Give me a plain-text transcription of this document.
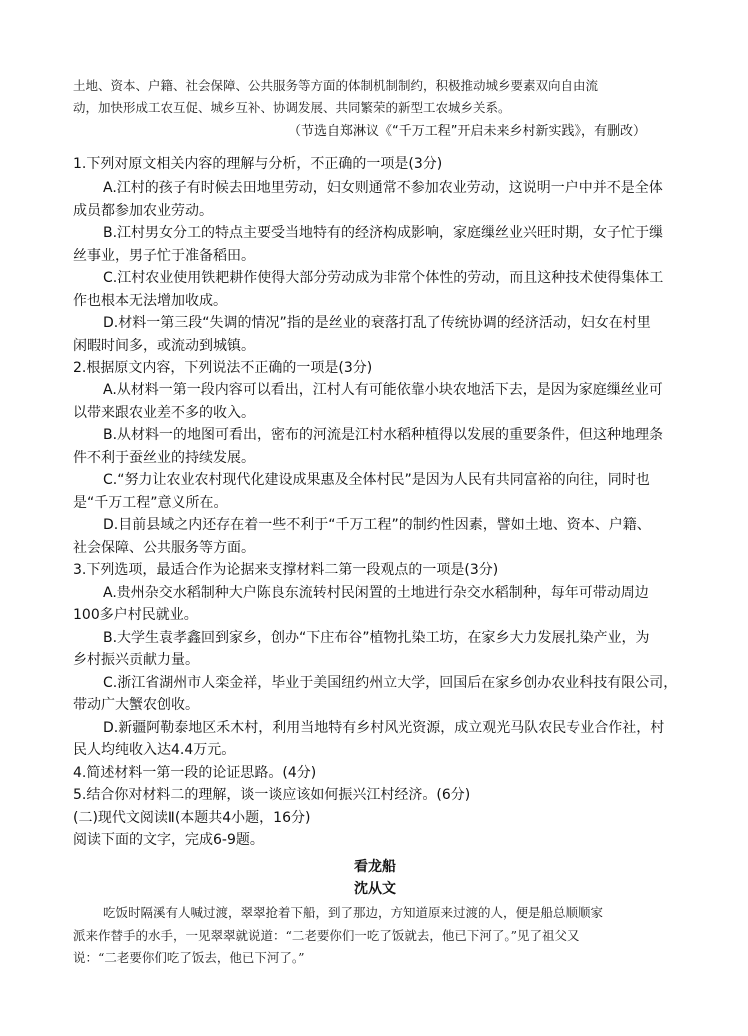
土地、资本、户籍、社会保障、公共服务等方面的体制机制制约，积极推动城乡要素双向自由流
动，加快形成工农互促、城乡互补、协调发展、共同繁荣的新型工农城乡关系。
（节选自郑淋议《“千万工程”开启未来乡村新实践》，有删改）
1.下列对原文相关内容的理解与分析，不正确的一项是(3分)
A.江村的孩子有时候去田地里劳动，妇女则通常不参加农业劳动，这说明一户中并不是全体
成员都参加农业劳动。
B.江村男女分工的特点主要受当地特有的经济构成影响，家庭缫丝业兴旺时期，女子忙于缫
丝事业，男子忙于准备稻田。
C.江村农业使用铁耙耕作使得大部分劳动成为非常个体性的劳动，而且这种技术使得集体工
作也根本无法增加收成。
D.材料一第三段“失调的情况”指的是丝业的衰落打乱了传统协调的经济活动，妇女在村里
闲暇时间多，或流动到城镇。
2.根据原文内容，下列说法不正确的一项是(3分)
A.从材料一第一段内容可以看出，江村人有可能依靠小块农地活下去，是因为家庭缫丝业可
以带来跟农业差不多的收入。
B.从材料一的地图可看出，密布的河流是江村水稻种植得以发展的重要条件，但这种地理条
件不利于蚕丝业的持续发展。
C.“努力让农业农村现代化建设成果惠及全体村民”是因为人民有共同富裕的向往，同时也
是“千万工程”意义所在。
D.目前县域之内还存在着一些不利于“千万工程”的制约性因素，譬如土地、资本、户籍、
社会保障、公共服务等方面。
3.下列选项，最适合作为论据来支撑材料二第一段观点的一项是(3分)
A.贵州杂交水稻制种大户陈良东流转村民闲置的土地进行杂交水稻制种，每年可带动周边
100多户村民就业。
B.大学生袁孝鑫回到家乡，创办“下庄布谷”植物扎染工坊，在家乡大力发展扎染产业，为
乡村振兴贡献力量。
C.浙江省湖州市人栾金祥，毕业于美国纽约州立大学，回国后在家乡创办农业科技有限公司，
带动广大蟹农创收。
D.新疆阿勒泰地区禾木村，利用当地特有乡村风光资源，成立观光马队农民专业合作社，村
民人均纯收入达4.4万元。
4.简述材料一第一段的论证思路。(4分)
5.结合你对材料二的理解，谈一谈应该如何振兴江村经济。(6分)
(二)现代文阅读Ⅱ(本题共4小题，16分)
阅读下面的文字，完成6-9题。
看龙船
沈从文
吃饭时隔溪有人喊过渡，翠翠抢着下船，到了那边，方知道原来过渡的人，便是船总顺顺家
派来作替手的水手，一见翠翠就说道：“二老要你们一吃了饭就去，他已下河了。”见了祖父又
说：“二老要你们吃了饭去，他已下河了。”
